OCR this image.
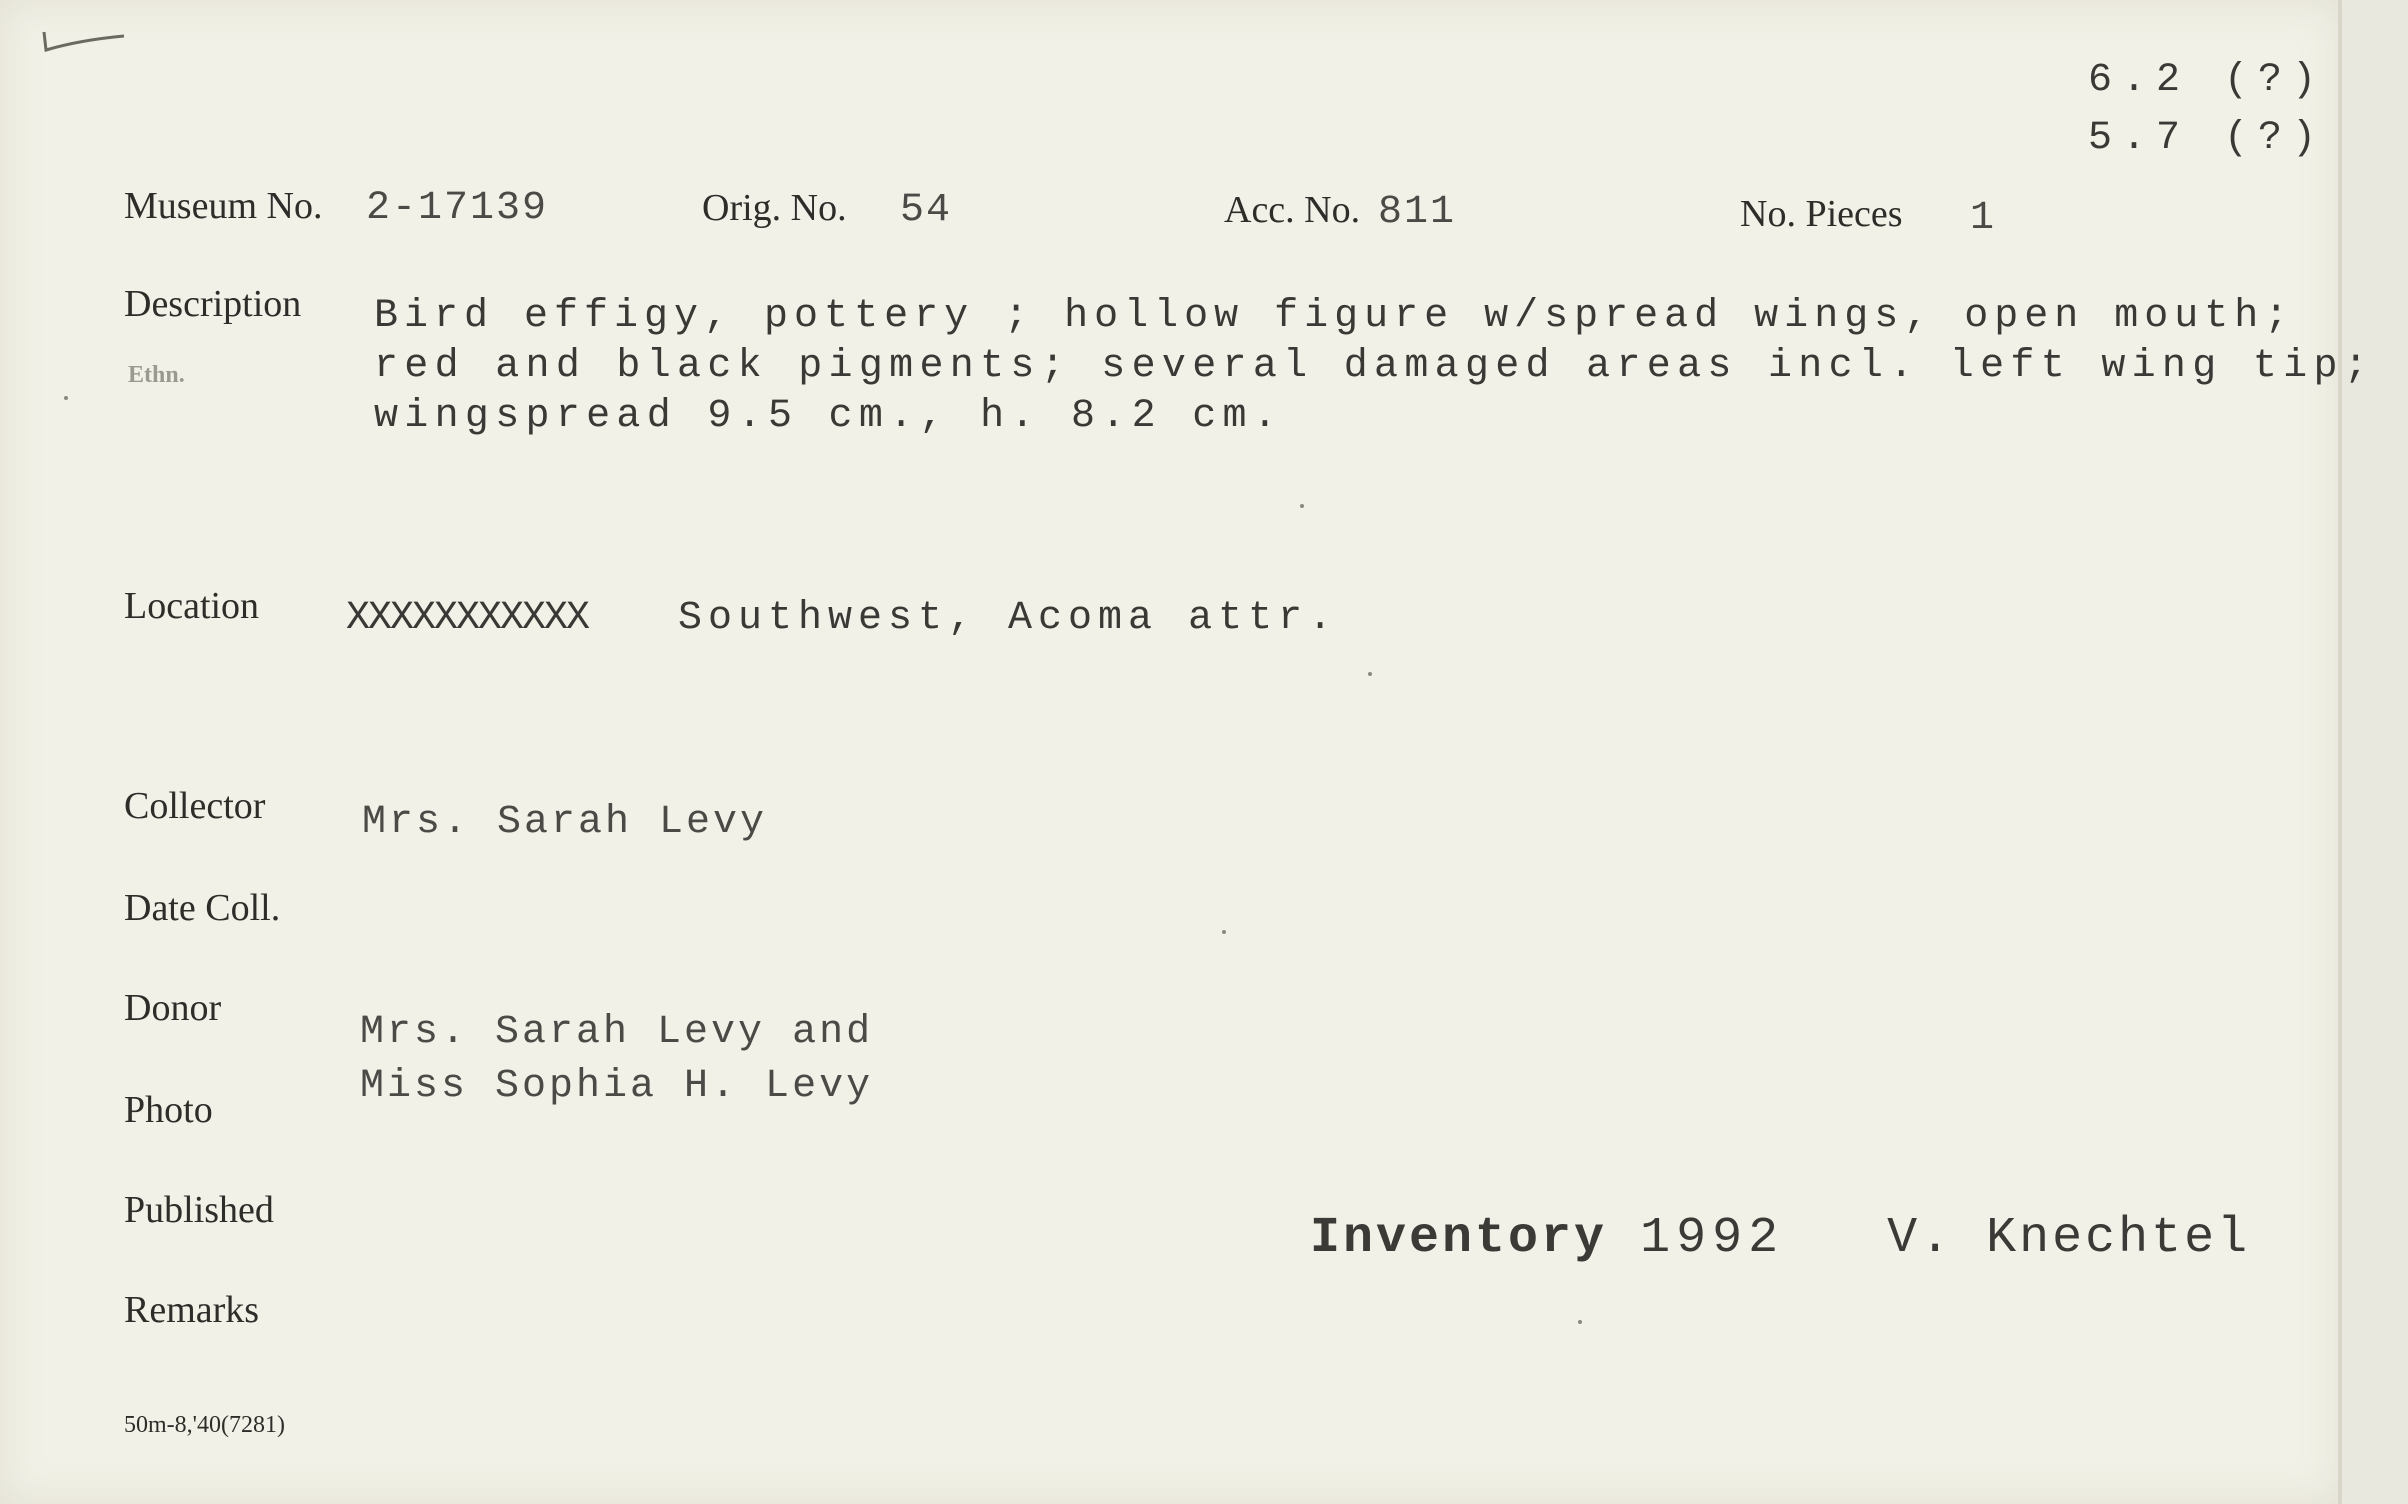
6.2 (?)
5.7 (?)
Museum No. 2-17139	Orig. No. 54	Acc. No. 811	No. Pieces 1
Description
Ethn.
Bird effigy, pottery ; hollow figure w/spread wings, open mouth;
red and black pigments; several damaged areas incl. left wing tip;
wingspread 9.5 cm., h. 8.2 cm.
Location XXXXXXXXXXX Southwest, Acoma attr.
Collector Mrs. Sarah Levy
Date Coll.
Donor
Mrs. Sarah Levy and
Miss Sophia H. Levy
Photo
Published
Remarks
Inventory 1992 V. Knechtel
50m-8,'40(7281)
